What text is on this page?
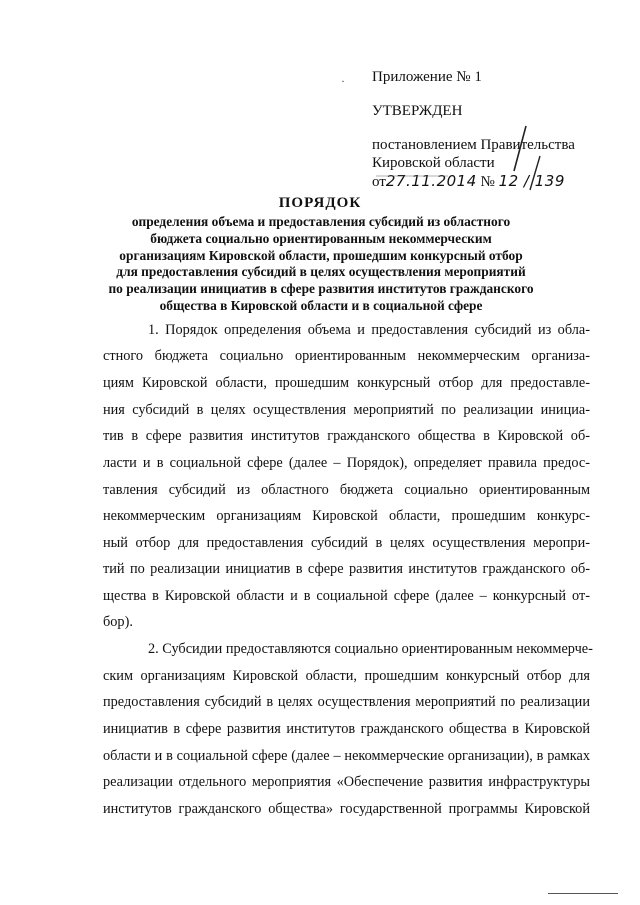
· Приложение № 1
УТВЕРЖДЕН
постановлением Правительства
Кировской области
от27.11.2014 № 12 / 139
ПОРЯДОК
определения объема и предоставления субсидий из областного
бюджета социально ориентированным некоммерческим
организациям Кировской области, прошедшим конкурсный отбор
для предоставления субсидий в целях осуществления мероприятий
по реализации инициатив в сфере развития институтов гражданского
общества в Кировской области и в социальной сфере
1. Порядок определения объема и предоставления субсидий из обла-
стного бюджета социально ориентированным некоммерческим организа-
циям Кировской области, прошедшим конкурсный отбор для предоставле-
ния субсидий в целях осуществления мероприятий по реализации инициа-
тив в сфере развития институтов гражданского общества в Кировской об-
ласти и в социальной сфере (далее – Порядок), определяет правила предос-
тавления субсидий из областного бюджета социально ориентированным
некоммерческим организациям Кировской области, прошедшим конкурс-
ный отбор для предоставления субсидий в целях осуществления меропри-
тий по реализации инициатив в сфере развития институтов гражданского об-
щества в Кировской области и в социальной сфере (далее – конкурсный от-
бор).
2. Субсидии предоставляются социально ориентированным некоммерче-
ским организациям Кировской области, прошедшим конкурсный отбор для
предоставления субсидий в целях осуществления мероприятий по реализации
инициатив в сфере развития институтов гражданского общества в Кировской
области и в социальной сфере (далее – некоммерческие организации), в рамках
реализации отдельного мероприятия «Обеспечение развития инфраструктуры
институтов гражданского общества» государственной программы Кировской
